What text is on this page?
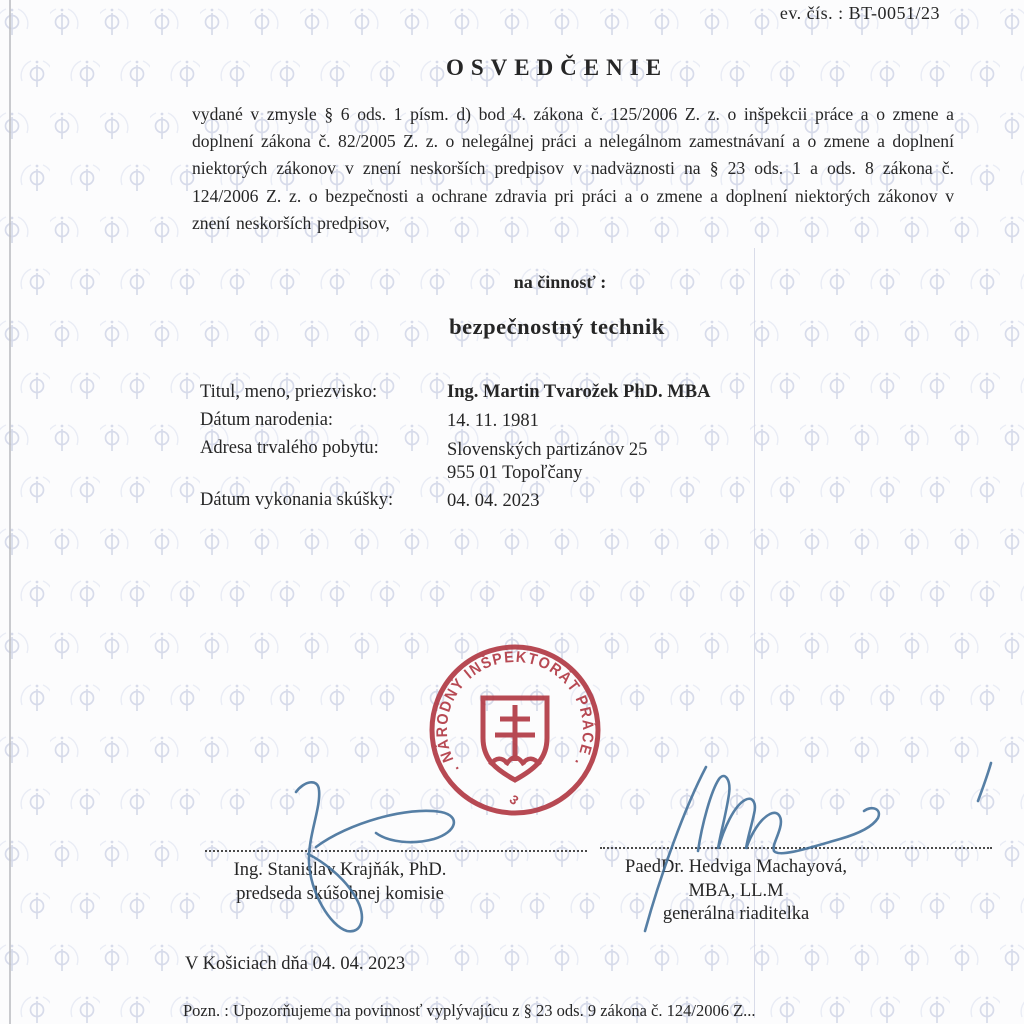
ev. čís. : BT-0051/23
OSVEDČENIE
vydané v zmysle § 6 ods. 1 písm. d) bod 4. zákona č. 125/2006 Z. z. o inšpekcii práce a o zmene a doplnení zákona č. 82/2005 Z. z. o nelegálnej práci a nelegálnom zamestnávaní a o zmene a doplnení niektorých zákonov v znení neskorších predpisov v nadväznosti na § 23 ods. 1 a ods. 8 zákona č. 124/2006 Z. z. o bezpečnosti a ochrane zdravia pri práci a o zmene a doplnení niektorých zákonov v znení neskorších predpisov,
na činnosť :
bezpečnostný technik
Titul, meno, priezvisko:	Ing. Martin Tvarožek PhD. MBA
Dátum narodenia:	14. 11. 1981
Adresa trvalého pobytu:	Slovenských partizánov 25
955 01 Topoľčany
Dátum vykonania skúšky:	04. 04. 2023
. NÁRODNÝ INŠPEKTORÁT PRÁCE .
3
Ing. Stanislav Krajňák, PhD.
predseda skúšobnej komisie
PaedDr. Hedviga Machayová,
MBA, LL.M
generálna riaditelka
V Košiciach dňa 04. 04. 2023
Pozn. : Upozorňujeme na povinnosť vyplývajúcu z § 23 ods. 9 zákona č. 124/2006 Z...
